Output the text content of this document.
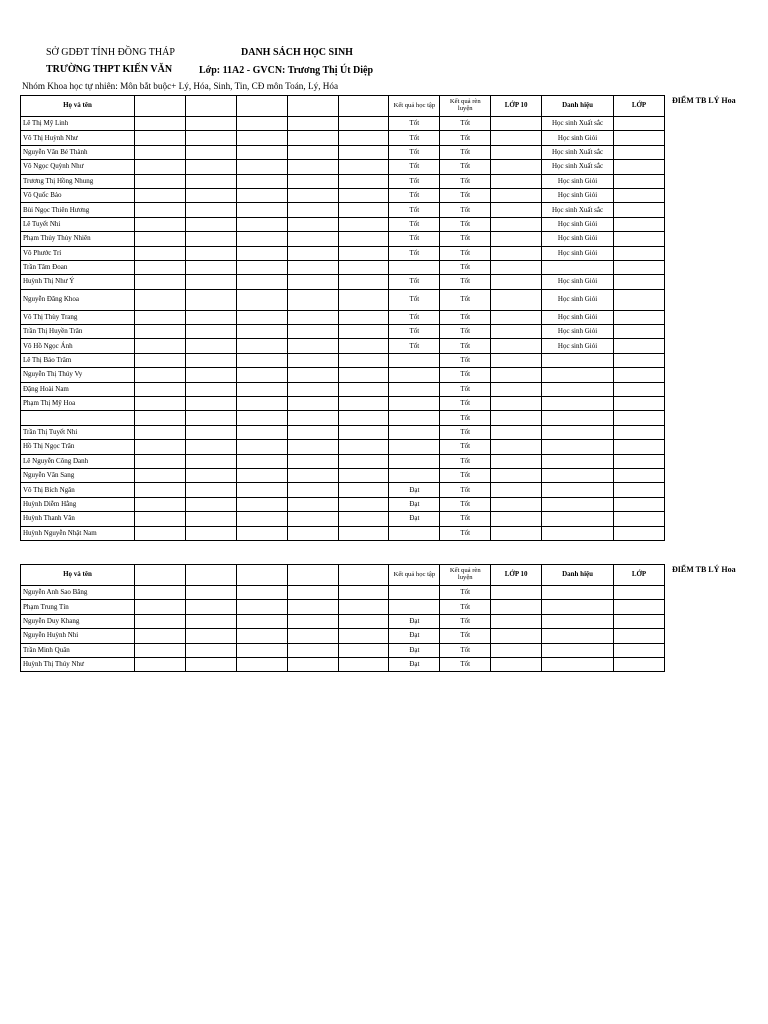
SỞ GDĐT TỈNH ĐỒNG THÁP
TRƯỜNG THPT KIẾN VĂN
DANH SÁCH HỌC SINH
Lớp: 11A2 - GVCN: Trương Thị Út Diệp
Nhóm Khoa học tự nhiên: Môn bắt buộc+ Lý, Hóa, Sinh, Tin, CĐ môn Toán, Lý, Hóa
ĐIỂM TB LÝ Hoa
ĐIỂM TB LÝ Hoa
Họ và tên						Kết quả học tập	Kết quả rèn luyện	LỚP 10	Danh hiệu	LỚP
Lê Thị Mỹ Linh						Tốt	Tốt		Học sinh Xuất sắc	
Võ Thị Huỳnh Như						Tốt	Tốt		Học sinh Giỏi	
Nguyễn Văn Bé Thành						Tốt	Tốt		Học sinh Xuất sắc	
Võ Ngọc Quỳnh Như						Tốt	Tốt		Học sinh Xuất sắc	
Trương Thị Hồng Nhung						Tốt	Tốt		Học sinh Giỏi	
Võ Quốc Bảo						Tốt	Tốt		Học sinh Giỏi	
Bùi Ngọc Thiên Hương						Tốt	Tốt		Học sinh Xuất sắc	
Lê Tuyết Nhi						Tốt	Tốt		Học sinh Giỏi	
Phạm Thủy Thủy Nhiên						Tốt	Tốt		Học sinh Giỏi	
Võ Phước Trí						Tốt	Tốt		Học sinh Giỏi	
Trần Tâm Đoan							Tốt			
Huỳnh Thị Như Ý						Tốt	Tốt		Học sinh Giỏi	
Nguyễn Đăng Khoa						Tốt	Tốt		Học sinh Giỏi	
Võ Thị Thùy Trang						Tốt	Tốt		Học sinh Giỏi	
Trần Thị Huyền Trân						Tốt	Tốt		Học sinh Giỏi	
Võ Hồ Ngọc Ánh						Tốt	Tốt		Học sinh Giỏi	
Lê Thị Bảo Trâm							Tốt			
Nguyễn Thị Thúy Vy							Tốt			
Đặng Hoài Nam							Tốt			
Phạm Thị Mỹ Hoa							Tốt			
							Tốt			
Trần Thị Tuyết Nhi							Tốt			
Hồ Thị Ngọc Trân							Tốt			
Lê Nguyễn Công Danh							Tốt			
Nguyễn Văn Sang							Tốt			
Võ Thị Bích Ngân						Đạt	Tốt			
Huỳnh Diễm Hằng						Đạt	Tốt			
Huỳnh Thanh Văn						Đạt	Tốt			
Huỳnh Nguyễn Nhật Nam							Tốt			
Họ và tên						Kết quả học tập	Kết quả rèn luyện	LỚP 10	Danh hiệu	LỚP
Nguyễn Anh Sao Băng							Tốt			
Phạm Trung Tín							Tốt			
Nguyễn Duy Khang						Đạt	Tốt			
Nguyễn Huỳnh Nhi						Đạt	Tốt			
Trần Minh Quân						Đạt	Tốt			
Huỳnh Thị Thúy Như						Đạt	Tốt			
